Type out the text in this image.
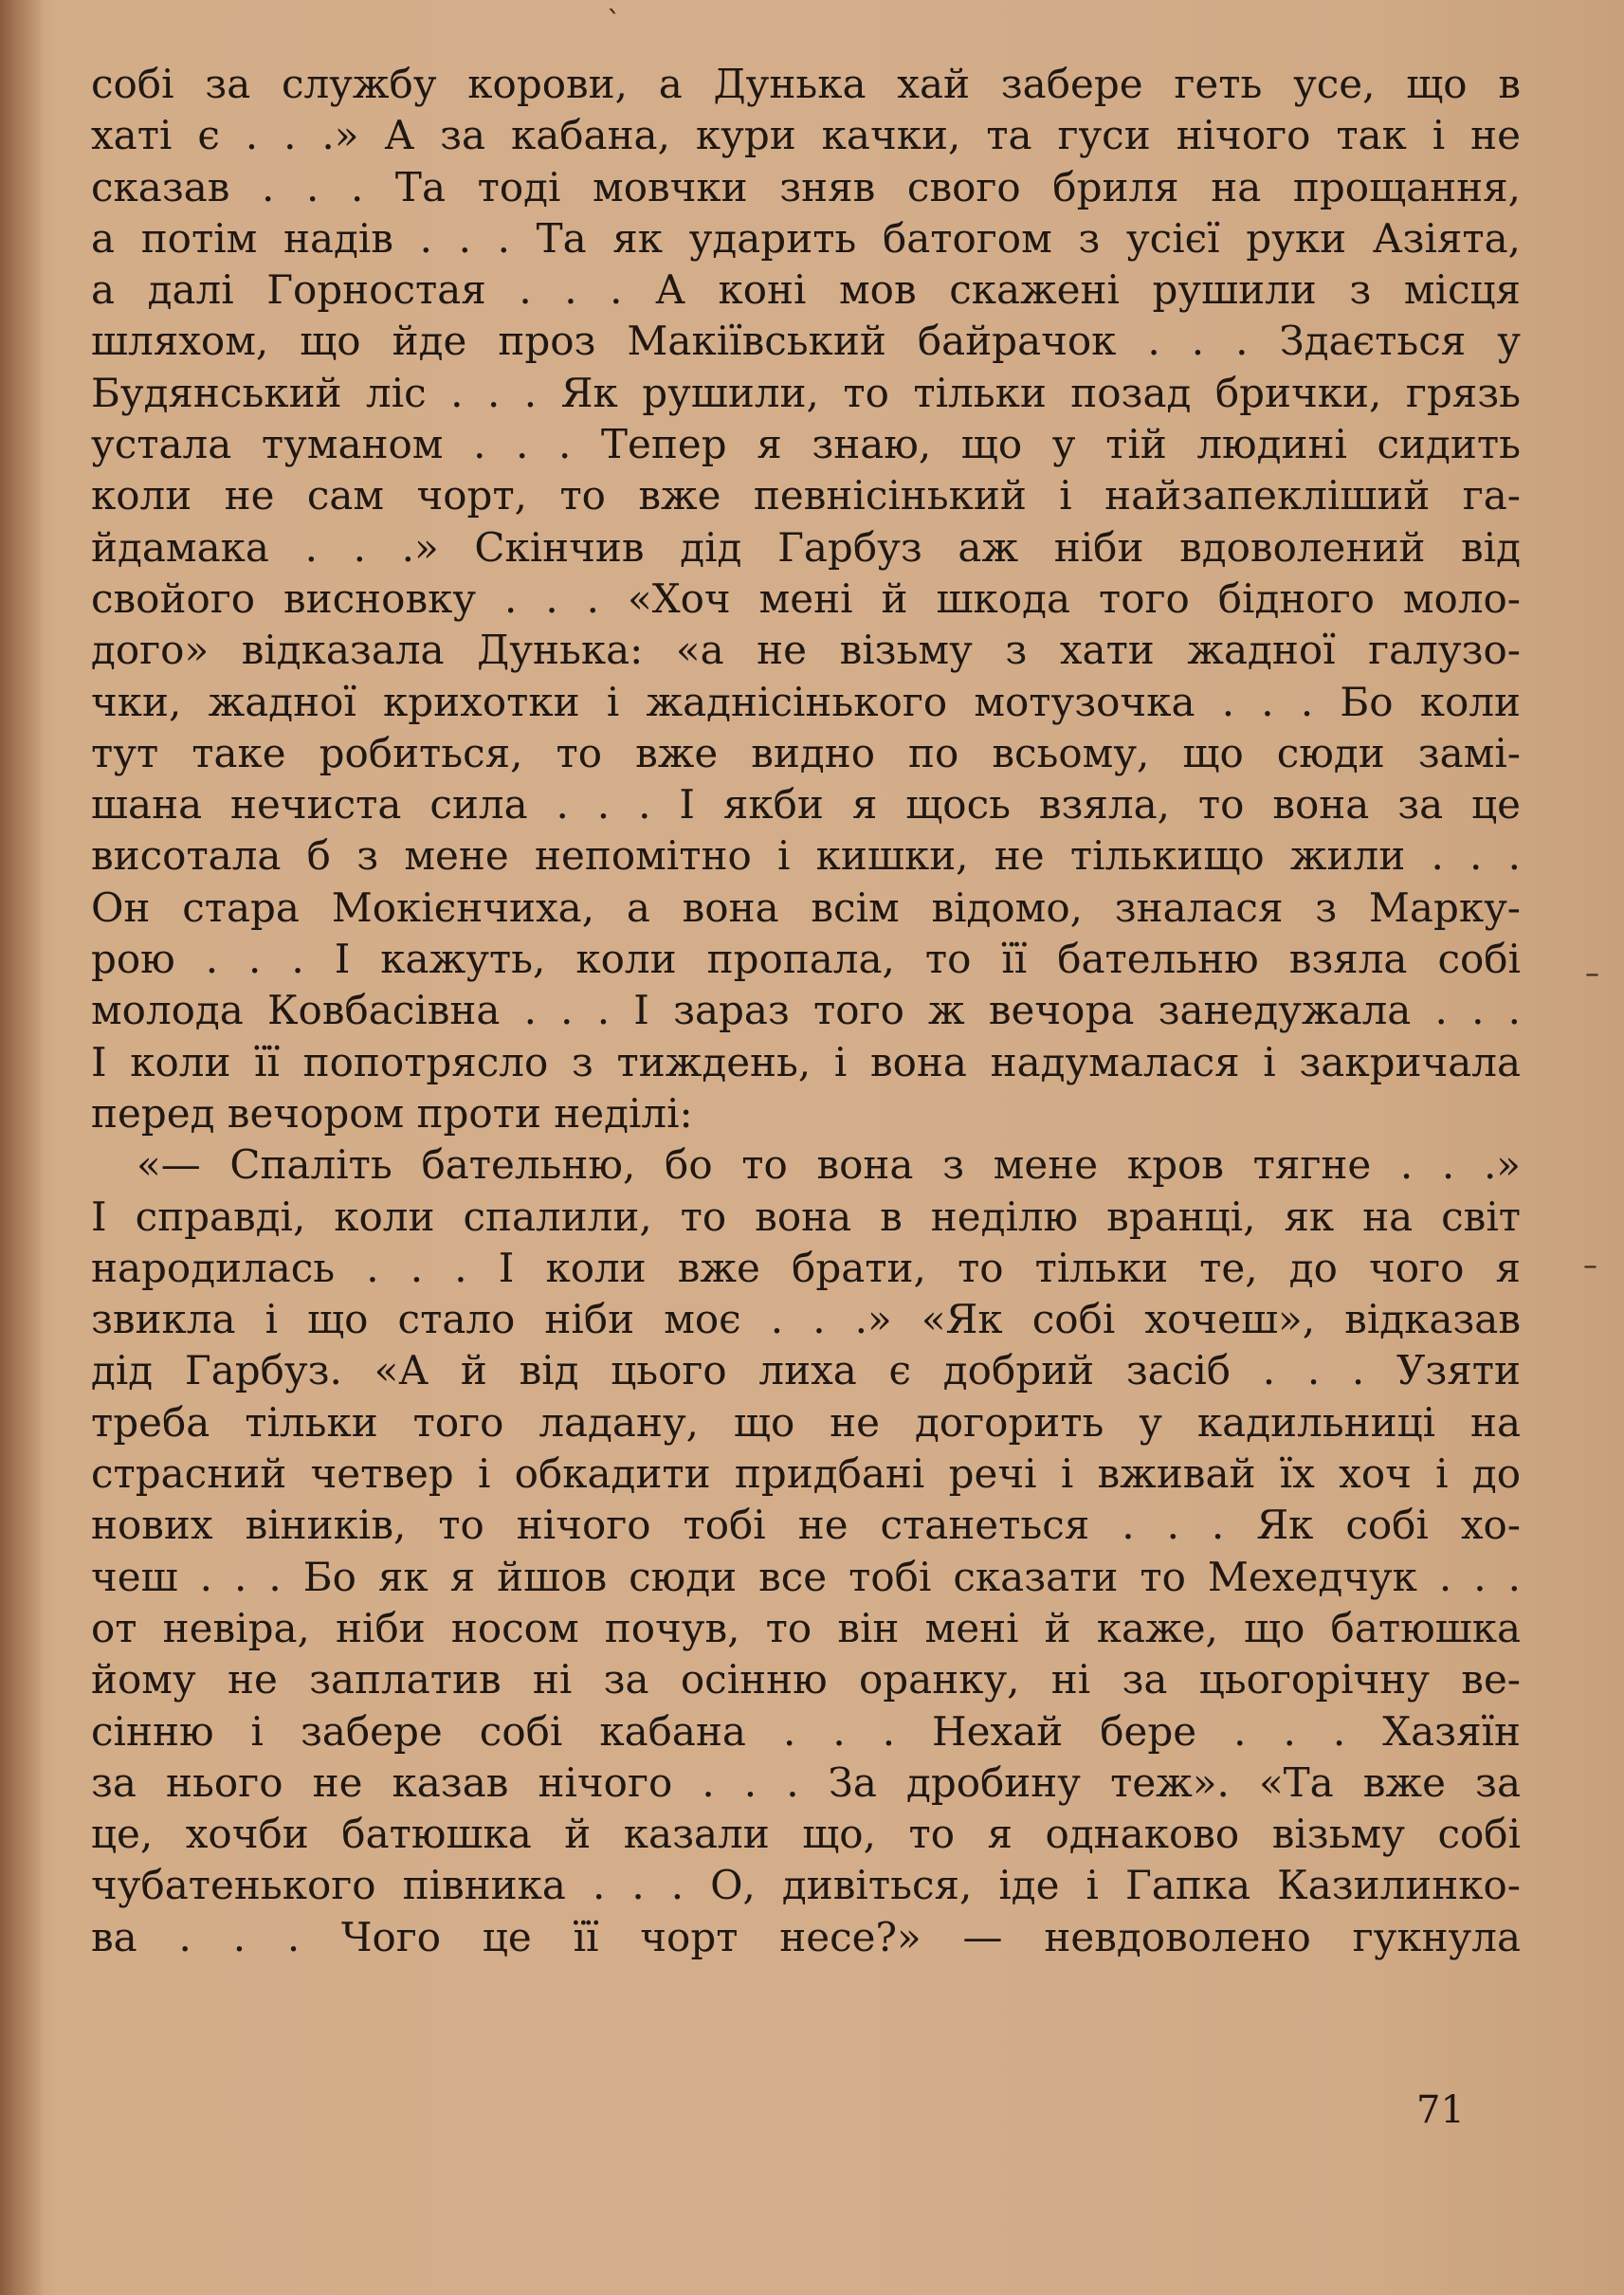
ˋ
–
–
собі за службу корови, а Дунька хай забере геть усе, що в
хаті є . . .» А за кабана, кури качки, та гуси нічого так і не
сказав . . . Та тоді мовчки зняв свого бриля на прощання,
а потім надів . . . Та як ударить батогом з усієї руки Азіята,
а далі Горностая . . . А коні мов скажені рушили з місця
шляхом, що йде проз Макіївський байрачок . . . Здається у
Будянський ліс . . . Як рушили, то тільки позад брички, грязь
устала туманом . . . Тепер я знаю, що у тій людині сидить
коли не сам чорт, то вже певнісінький і найзапекліший га-
йдамака . . .» Скінчив дід Гарбуз аж ніби вдоволений від
свойого висновку . . . «Хоч мені й шкода того бідного моло-
дого» відказала Дунька: «а не візьму з хати жадної галузо-
чки, жадної крихотки і жаднісінького мотузочка . . . Бо коли
тут таке робиться, то вже видно по всьому, що сюди замі-
шана нечиста сила . . . І якби я щось взяла, то вона за це
висотала б з мене непомітно і кишки, не тількищо жили . . .
Он стара Мокієнчиха, а вона всім відомо, зналася з Марку-
рою . . . І кажуть, коли пропала, то її бательню взяла собі
молода Ковбасівна . . . І зараз того ж вечора занедужала . . .
І коли її попотрясло з тиждень, і вона надумалася і закричала
перед вечором проти неділі:
«— Спаліть бательню, бо то вона з мене кров тягне . . .»
І справді, коли спалили, то вона в неділю вранці, як на світ
народилась . . . І коли вже брати, то тільки те, до чого я
звикла і що стало ніби моє . . .» «Як собі хочеш», відказав
дід Гарбуз. «А й від цього лиха є добрий засіб . . . Узяти
треба тільки того ладану, що не догорить у кадильниці на
страсний четвер і обкадити придбані речі і вживай їх хоч і до
нових віників, то нічого тобі не станеться . . . Як собі хо-
чеш . . . Бо як я йшов сюди все тобі сказати то Мехедчук . . .
от невіра, ніби носом почув, то він мені й каже, що батюшка
йому не заплатив ні за осінню оранку, ні за цьогорічну ве-
сінню і забере собі кабана . . . Нехай бере . . . Хазяїн
за нього не казав нічого . . . За дробину теж». «Та вже за
це, хочби батюшка й казали що, то я однаково візьму собі
чубатенького півника . . . О, дивіться, іде і Гапка Казилинко-
ва . . . Чого це її чорт несе?» — невдоволено гукнула
71
